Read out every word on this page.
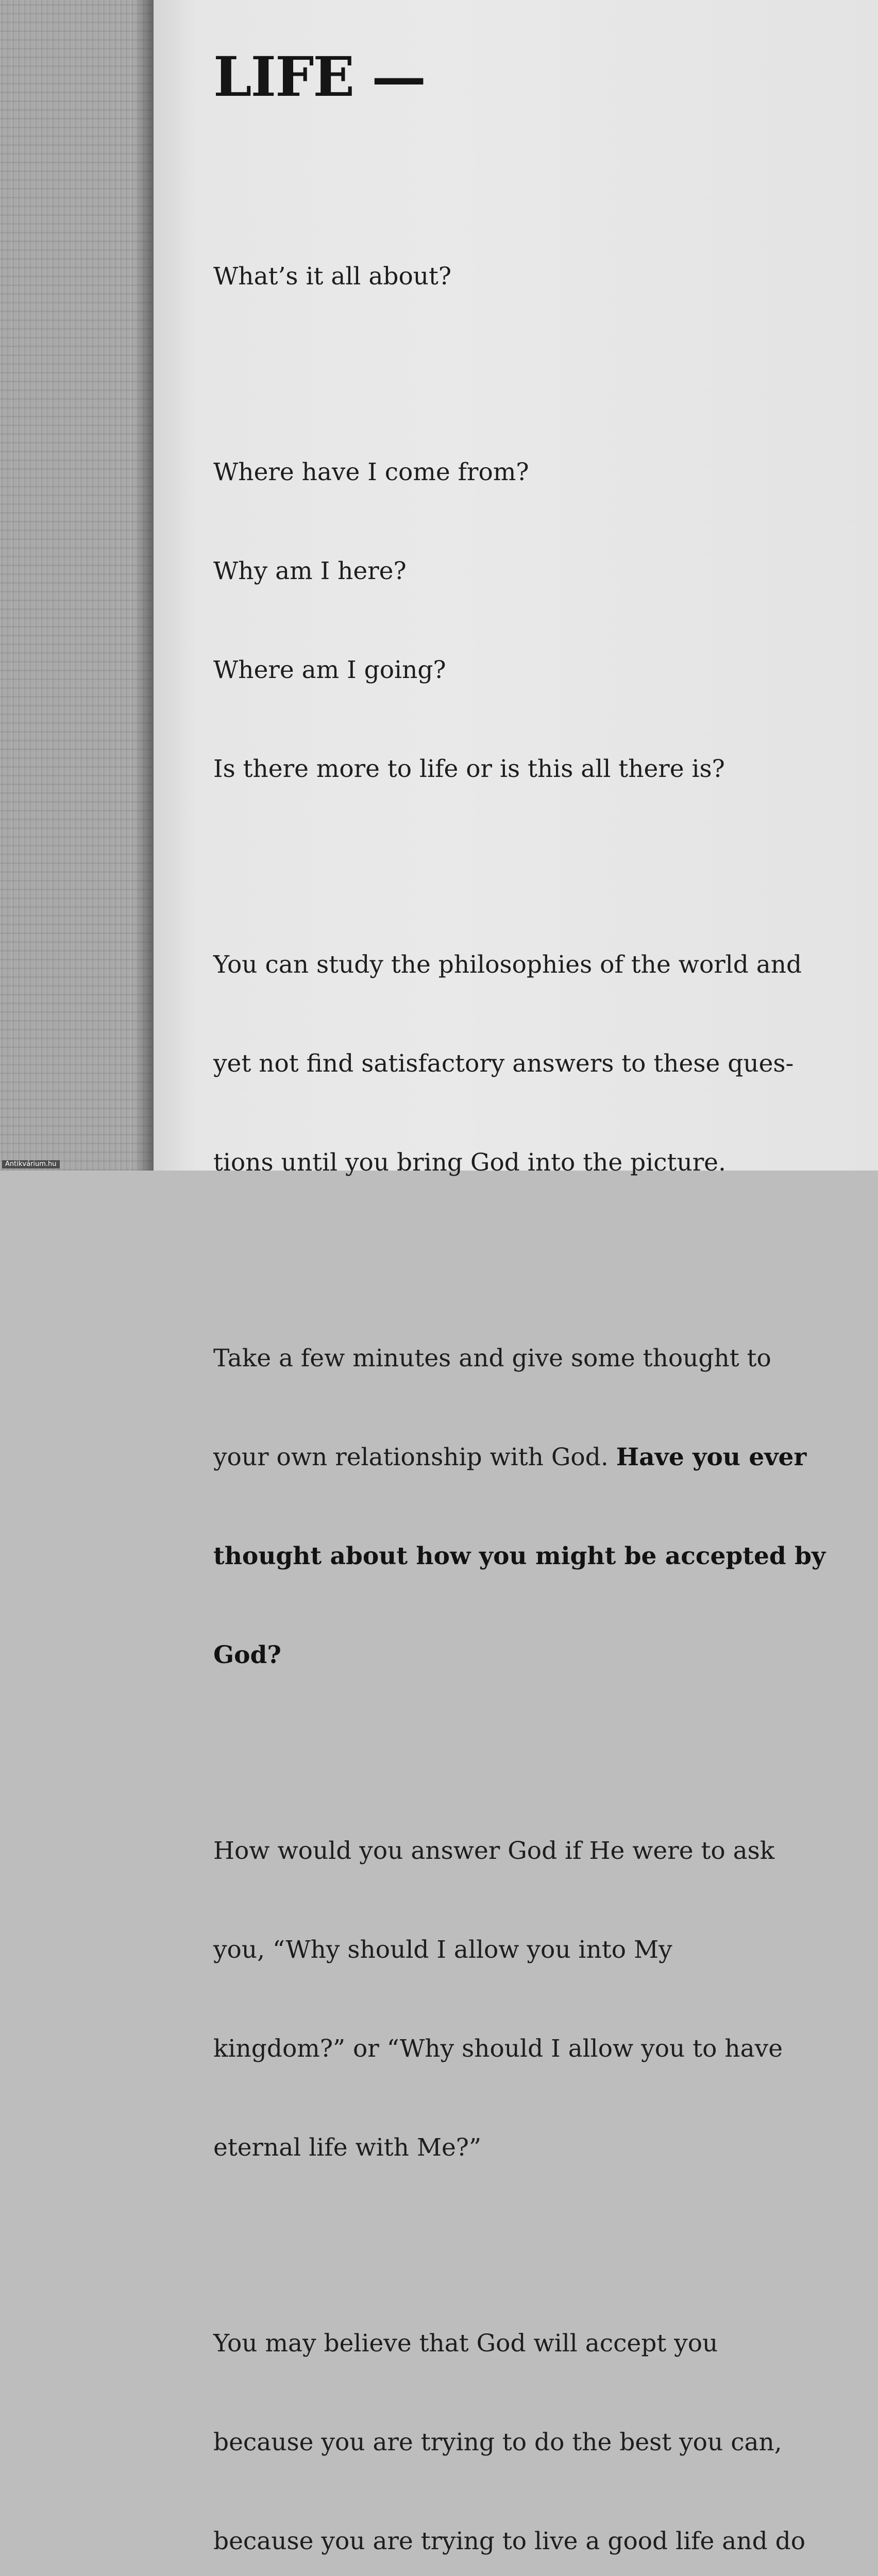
LIFE —

What’s it all about?

Where have I come from?

Why am I here?

Where am I going?

Is there more to life or is this all there is?

You can study the philosophies of the world and

yet not find satisfactory answers to these ques-

tions until you bring God into the picture.

Take a few minutes and give some thought to

your own relationship with God. Have you ever

thought about how you might be accepted by

God?

How would you answer God if He were to ask

you, “Why should I allow you into My

kingdom?” or “Why should I allow you to have

eternal life with Me?”

You may believe that God will accept you

because you are trying to do the best you can,

because you are trying to live a good life and do

Antikvárium.hu
